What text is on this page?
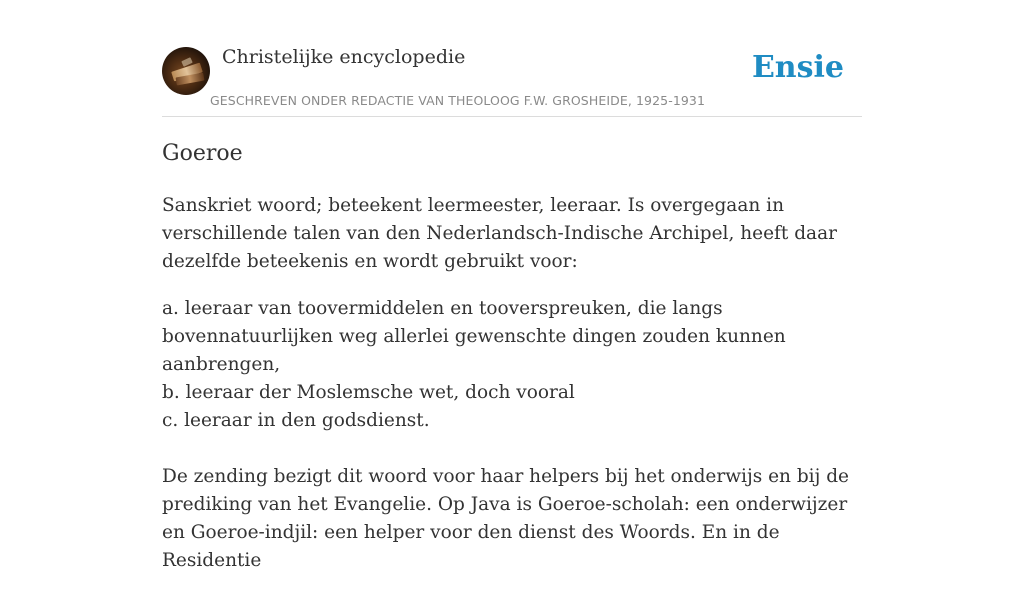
Christelijke encyclopedie
GESCHREVEN ONDER REDACTIE VAN THEOLOOG F.W. GROSHEIDE, 1925-1931
Ensie
Goeroe

Sanskriet woord; beteekent leermeester, leeraar. Is overgegaan in verschillende talen van den Nederlandsch-Indische Archipel, heeft daar dezelfde beteekenis en wordt gebruikt voor:

a. leeraar van toovermiddelen en tooverspreuken, die langs bovennatuurlijken weg allerlei gewenschte dingen zouden kunnen aanbrengen,
b. leeraar der Moslemsche wet, doch vooral
c. leeraar in den godsdienst.

De zending bezigt dit woord voor haar helpers bij het onderwijs en bij de prediking van het Evangelie. Op Java is Goeroe-scholah: een onderwijzer en Goeroe-indjil: een helper voor den dienst des Woords. En in de Residentie
